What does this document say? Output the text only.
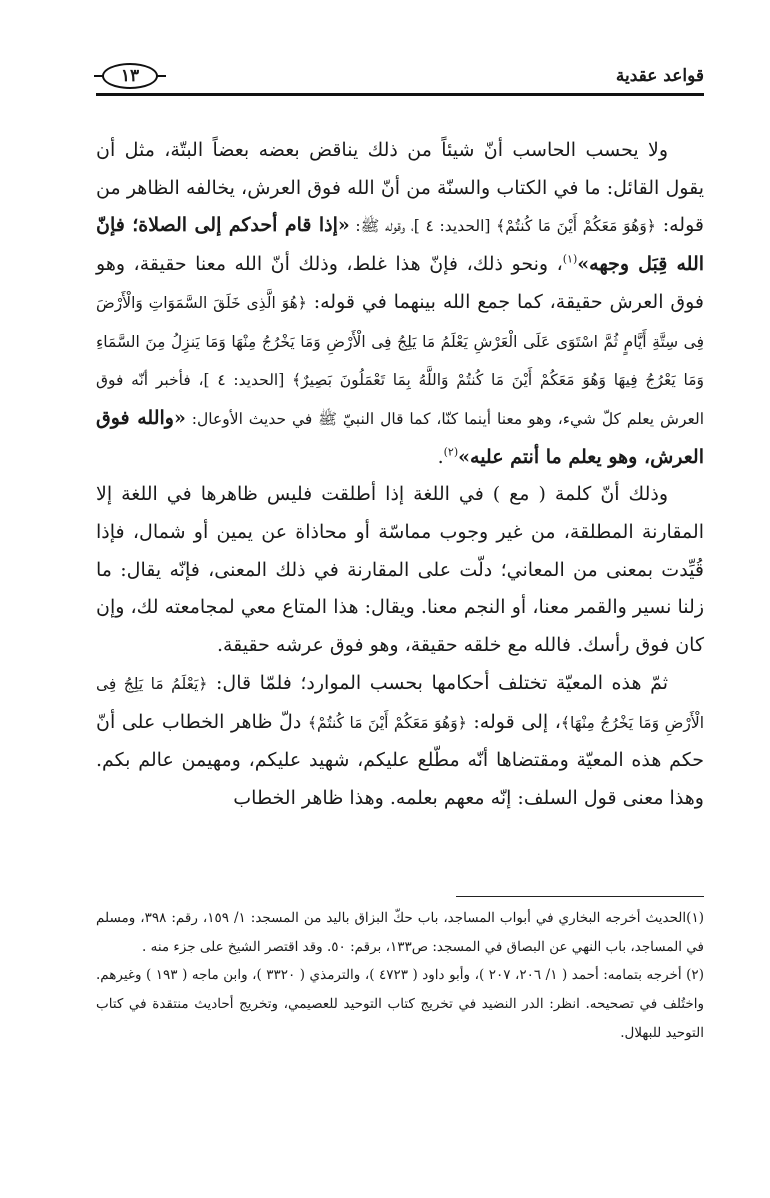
قواعد عقدية
١٣

ولا يحسب الحاسب أنّ شيئاً من ذلك يناقض بعضه بعضاً البتّة، مثل أن يقول القائل: ما في الكتاب والسنّة من أنّ الله فوق العرش، يخالفه الظاهر من قوله: ﴿وَهُوَ مَعَكُمْ أَيْنَ مَا كُنتُمْ﴾ [الحديد: ٤ ]، وقوله ﷺ: «إذا قام أحدكم إلى الصلاة؛ فإنّ الله قِبَل وجهه»$^{(١)}$، ونحو ذلك، فإنّ هذا غلط، وذلك أنّ الله معنا حقيقة، وهو فوق العرش حقيقة، كما جمع الله بينهما في قوله: ﴿هُوَ الَّذِى خَلَقَ السَّمَوَاتِ وَالْأَرْضَ فِى سِتَّةِ أَيَّامٍ ثُمَّ اسْتَوَى عَلَى الْعَرْشِ يَعْلَمُ مَا يَلِجُ فِى الْأَرْضِ وَمَا يَخْرُجُ مِنْهَا وَمَا يَنزِلُ مِنَ السَّمَاءِ وَمَا يَعْرُجُ فِيهَا وَهُوَ مَعَكُمْ أَيْنَ مَا كُنتُمْ وَاللَّهُ بِمَا تَعْمَلُونَ بَصِيرٌ﴾ [الحديد: ٤ ]، فأخبر أنّه فوق العرش يعلم كلّ شيء، وهو معنا أينما كنّا، كما قال النبيّ ﷺ في حديث الأوعال: «والله فوق العرش، وهو يعلم ما أنتم عليه»$^{(٢)}$.

وذلك أنّ كلمة ( مع ) في اللغة إذا أطلقت فليس ظاهرها في اللغة إلا المقارنة المطلقة، من غير وجوب مماسّة أو محاذاة عن يمين أو شمال، فإذا قُيِّدت بمعنى من المعاني؛ دلّت على المقارنة في ذلك المعنى، فإنّه يقال: ما زلنا نسير والقمر معنا، أو النجم معنا. ويقال: هذا المتاع معي لمجامعته لك، وإن كان فوق رأسك. فالله مع خلقه حقيقة، وهو فوق عرشه حقيقة.

ثمّ هذه المعيّة تختلف أحكامها بحسب الموارد؛ فلمّا قال: ﴿يَعْلَمُ مَا يَلِجُ فِى الْأَرْضِ وَمَا يَخْرُجُ مِنْهَا﴾، إلى قوله: ﴿وَهُوَ مَعَكُمْ أَيْنَ مَا كُنتُمْ﴾ دلّ ظاهر الخطاب على أنّ حكم هذه المعيّة ومقتضاها أنّه مطّلع عليكم، شهيد عليكم، ومهيمن عالم بكم. وهذا معنى قول السلف: إنّه معهم بعلمه. وهذا ظاهر الخطاب

(١)الحديث أخرجه البخاري في أبواب المساجد، باب حكّ البزاق باليد من المسجد: ١/ ١٥٩، رقم: ٣٩٨، ومسلم في المساجد، باب النهي عن البصاق في المسجد: ص١٣٣، برقم: ٥٠. وقد اقتصر الشيخ على جزء منه .

(٢) أخرجه بتمامه: أحمد ( ١/ ٢٠٦، ٢٠٧ )، وأبو داود ( ٤٧٢٣ )، والترمذي ( ٣٣٢٠ )، وابن ماجه ( ١٩٣ ) وغيرهم. واختُلف في تصحيحه. انظر: الدر النضيد في تخريج كتاب التوحيد للعصيمي، وتخريج أحاديث منتقدة في كتاب التوحيد للبهلال.
